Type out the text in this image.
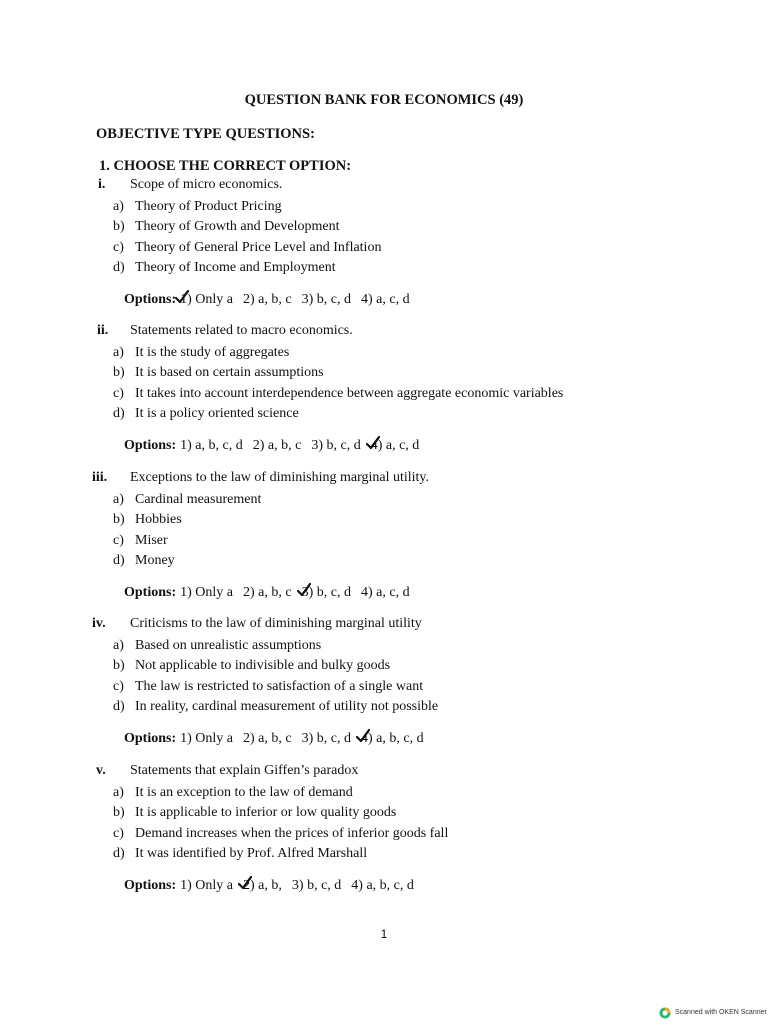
QUESTION BANK FOR ECONOMICS (49)
OBJECTIVE TYPE QUESTIONS:
1. CHOOSE THE CORRECT OPTION:
i. Scope of micro economics.
a) Theory of Product Pricing
b) Theory of Growth and Development
c) Theory of General Price Level and Inflation
d) Theory of Income and Employment
Options: 1) Only a 2) a, b, c 3) b, c, d 4) a, c, d
ii. Statements related to macro economics.
a) It is the study of aggregates
b) It is based on certain assumptions
c) It takes into account interdependence between aggregate economic variables
d) It is a policy oriented science
Options: 1) a, b, c, d 2) a, b, c 3) b, c, d 4) a, c, d
iii. Exceptions to the law of diminishing marginal utility.
a) Cardinal measurement
b) Hobbies
c) Miser
d) Money
Options: 1) Only a 2) a, b, c 3) b, c, d 4) a, c, d
iv. Criticisms to the law of diminishing marginal utility
a) Based on unrealistic assumptions
b) Not applicable to indivisible and bulky goods
c) The law is restricted to satisfaction of a single want
d) In reality, cardinal measurement of utility not possible
Options: 1) Only a 2) a, b, c 3) b, c, d 4) a, b, c, d
v. Statements that explain Giffen’s paradox
a) It is an exception to the law of demand
b) It is applicable to inferior or low quality goods
c) Demand increases when the prices of inferior goods fall
d) It was identified by Prof. Alfred Marshall
Options: 1) Only a 2) a, b, 3) b, c, d 4) a, b, c, d
1
Scanned with OKEN Scanner
